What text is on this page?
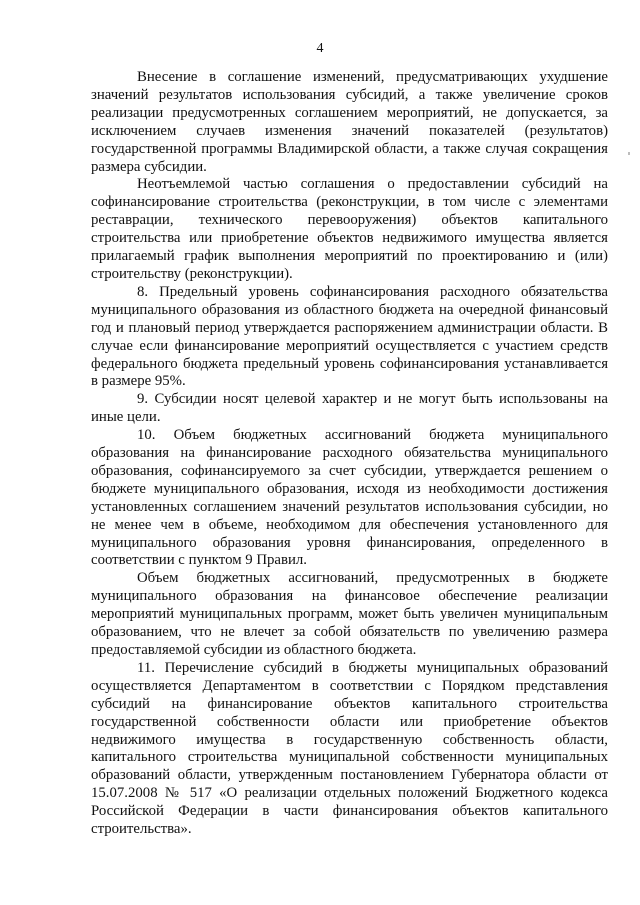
4

Внесение в соглашение изменений, предусматривающих ухудшение значений результатов использования субсидий, а также увеличение сроков реализации предусмотренных соглашением мероприятий, не допускается, за исключением случаев изменения значений показателей (результатов) государственной программы Владимирской области, а также случая сокращения размера субсидии.

Неотъемлемой частью соглашения о предоставлении субсидий на софинансирование строительства (реконструкции, в том числе с элементами реставрации, технического перевооружения) объектов капитального строительства или приобретение объектов недвижимого имущества является прилагаемый график выполнения мероприятий по проектированию и (или) строительству (реконструкции).

8. Предельный уровень софинансирования расходного обязательства муниципального образования из областного бюджета на очередной финансовый год и плановый период утверждается распоряжением администрации области. В случае если финансирование мероприятий осуществляется с участием средств федерального бюджета предельный уровень софинансирования устанавливается в размере 95%.

9. Субсидии носят целевой характер и не могут быть использованы на иные цели.

10. Объем бюджетных ассигнований бюджета муниципального образования на финансирование расходного обязательства муниципального образования, софинансируемого за счет субсидии, утверждается решением о бюджете муниципального образования, исходя из необходимости достижения установленных соглашением значений результатов использования субсидии, но не менее чем в объеме, необходимом для обеспечения установленного для муниципального образования уровня финансирования, определенного в соответствии с пунктом 9 Правил.

Объем бюджетных ассигнований, предусмотренных в бюджете муниципального образования на финансовое обеспечение реализации мероприятий муниципальных программ, может быть увеличен муниципальным образованием, что не влечет за собой обязательств по увеличению размера предоставляемой субсидии из областного бюджета.

11. Перечисление субсидий в бюджеты муниципальных образований осуществляется Департаментом в соответствии с Порядком представления субсидий на финансирование объектов капитального строительства государственной собственности области или приобретение объектов недвижимого имущества в государственную собственность области, капитального строительства муниципальной собственности муниципальных образований области, утвержденным постановлением Губернатора области от 15.07.2008 № 517 «О реализации отдельных положений Бюджетного кодекса Российской Федерации в части финансирования объектов капитального строительства».
